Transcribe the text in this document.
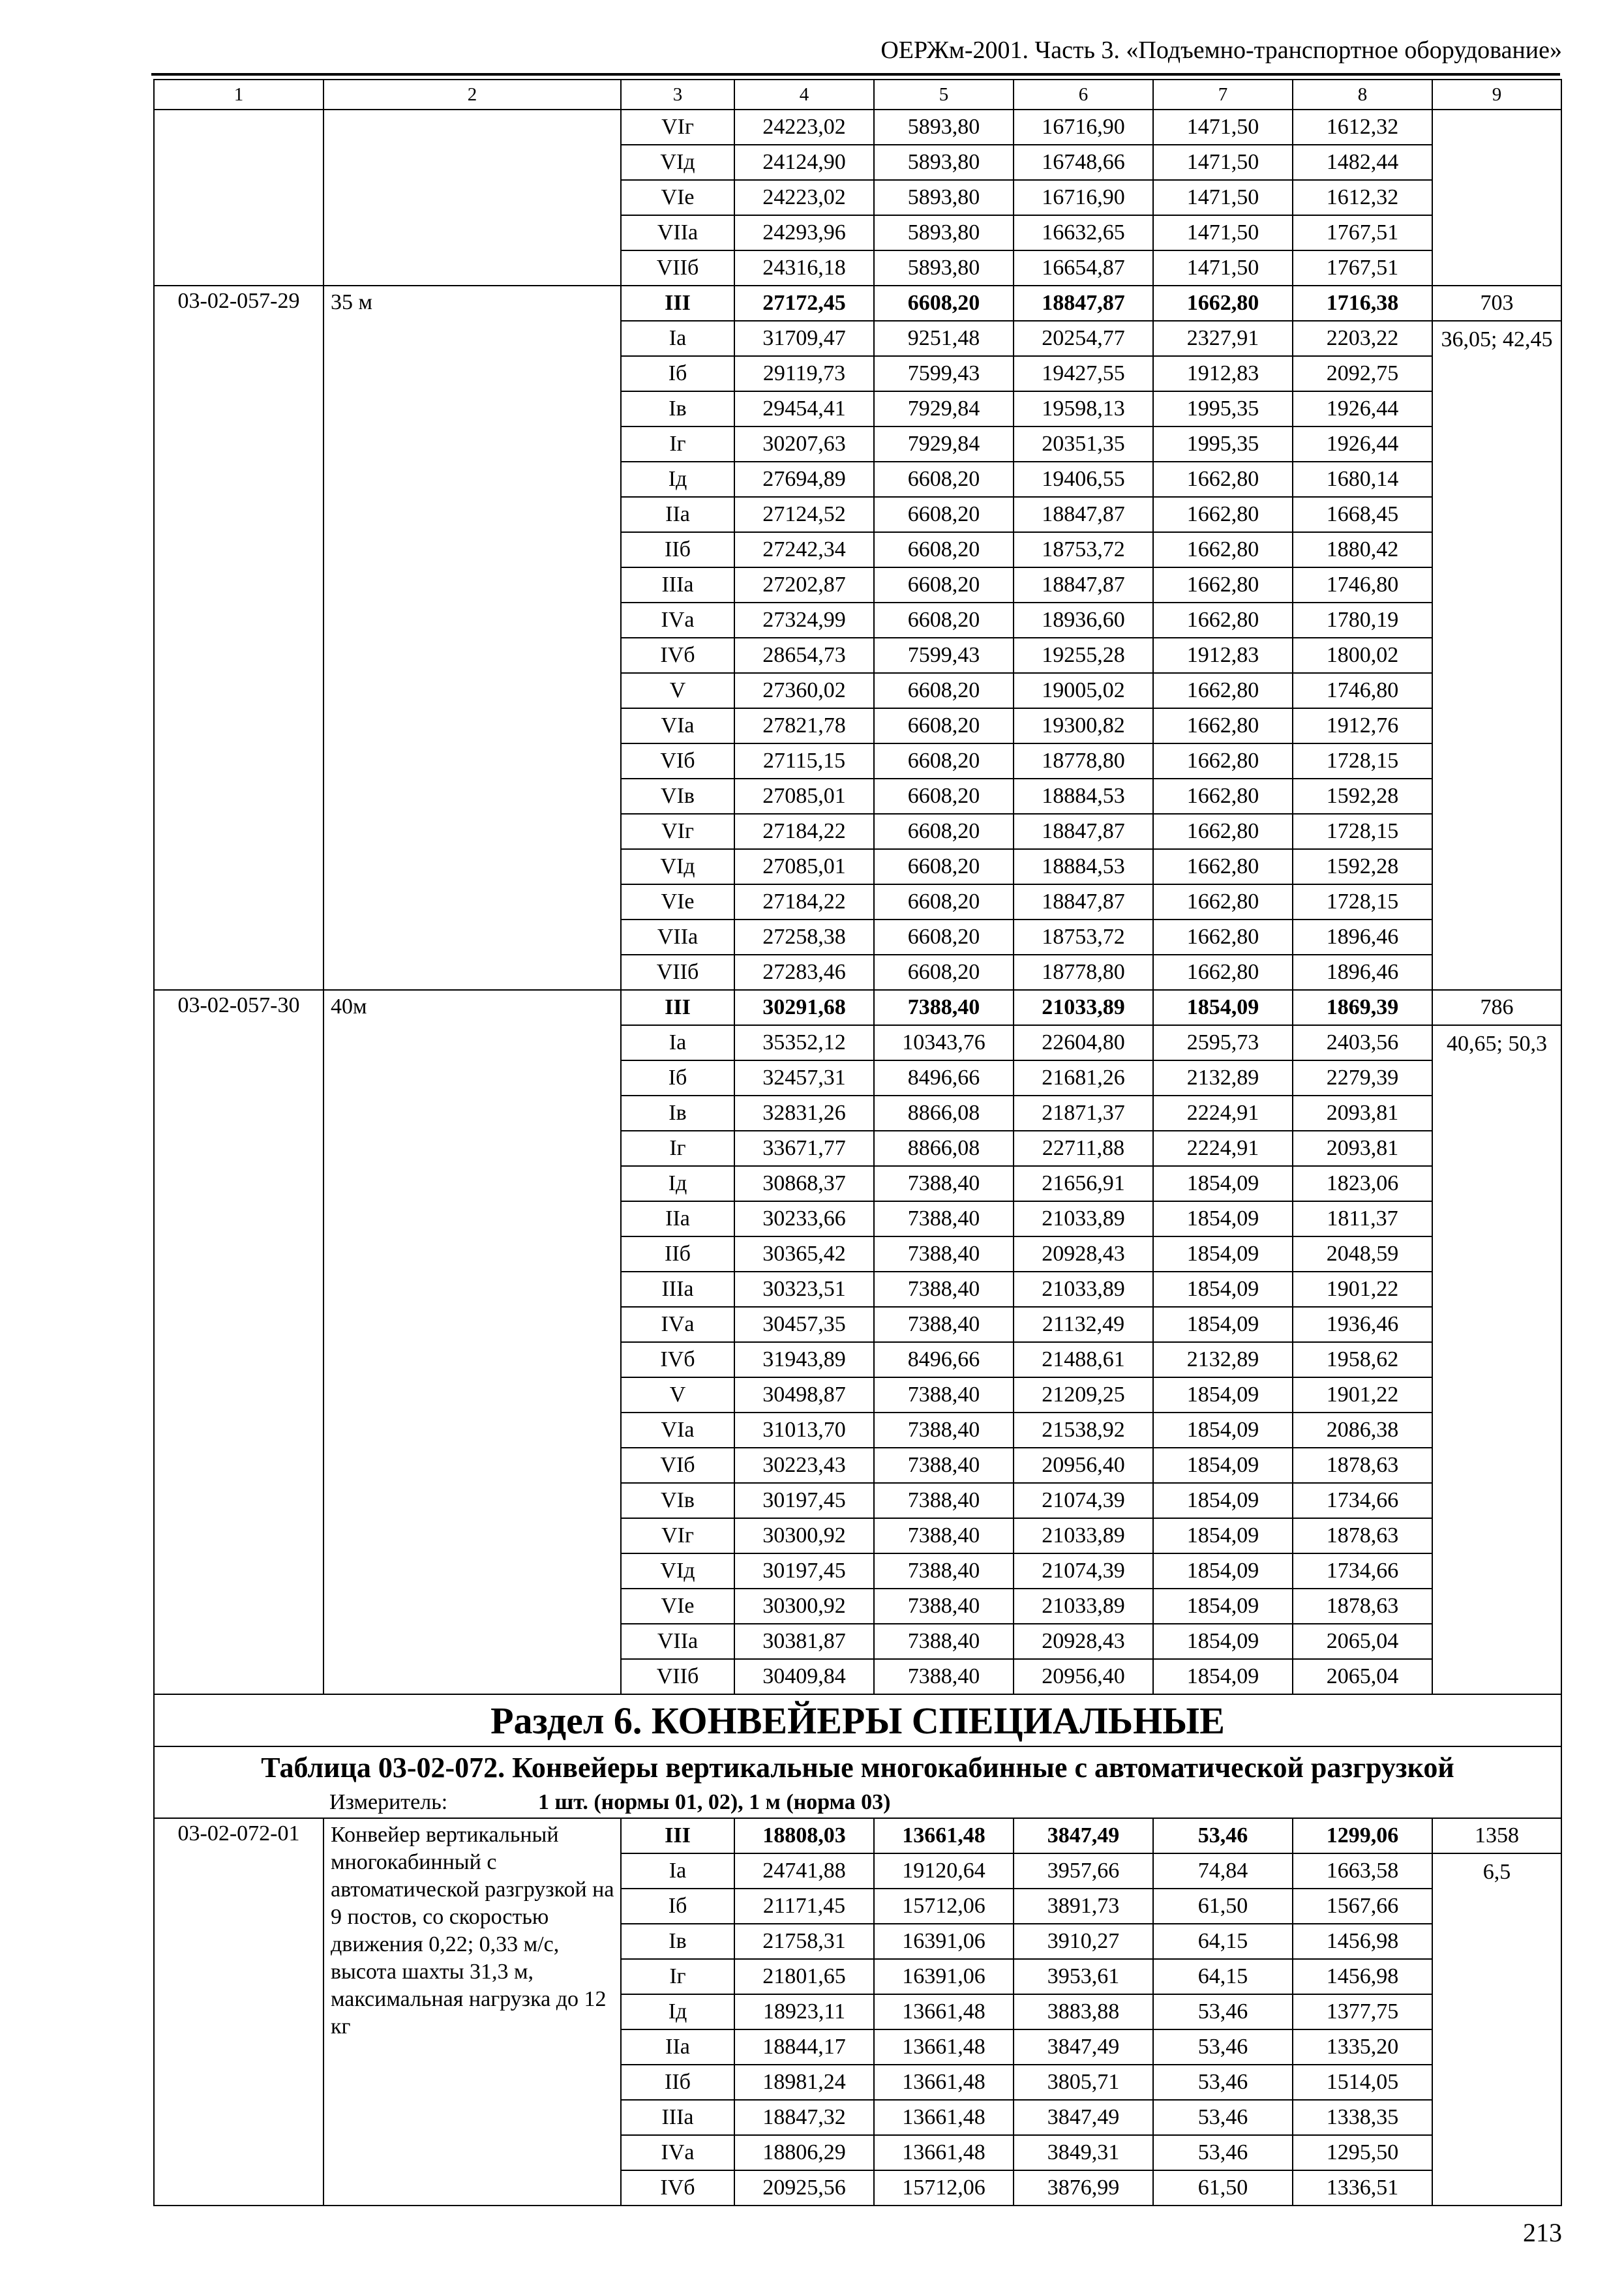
ОЕРЖм-2001. Часть 3. «Подъемно-транспортное оборудование»
1	2	3	4	5	6	7	8	9
		VIг	24223,02	5893,80	16716,90	1471,50	1612,32	
		VIд	24124,90	5893,80	16748,66	1471,50	1482,44	
		VIе	24223,02	5893,80	16716,90	1471,50	1612,32	
		VIIа	24293,96	5893,80	16632,65	1471,50	1767,51	
		VIIб	24316,18	5893,80	16654,87	1471,50	1767,51	
03-02-057-29	35 м	III	27172,45	6608,20	18847,87	1662,80	1716,38	703
		Iа	31709,47	9251,48	20254,77	2327,91	2203,22	36,05; 42,45
		Iб	29119,73	7599,43	19427,55	1912,83	2092,75	
		Iв	29454,41	7929,84	19598,13	1995,35	1926,44	
		Iг	30207,63	7929,84	20351,35	1995,35	1926,44	
		Iд	27694,89	6608,20	19406,55	1662,80	1680,14	
		IIа	27124,52	6608,20	18847,87	1662,80	1668,45	
		IIб	27242,34	6608,20	18753,72	1662,80	1880,42	
		IIIа	27202,87	6608,20	18847,87	1662,80	1746,80	
		IVа	27324,99	6608,20	18936,60	1662,80	1780,19	
		IVб	28654,73	7599,43	19255,28	1912,83	1800,02	
		V	27360,02	6608,20	19005,02	1662,80	1746,80	
		VIа	27821,78	6608,20	19300,82	1662,80	1912,76	
		VIб	27115,15	6608,20	18778,80	1662,80	1728,15	
		VIв	27085,01	6608,20	18884,53	1662,80	1592,28	
		VIг	27184,22	6608,20	18847,87	1662,80	1728,15	
		VIд	27085,01	6608,20	18884,53	1662,80	1592,28	
		VIе	27184,22	6608,20	18847,87	1662,80	1728,15	
		VIIа	27258,38	6608,20	18753,72	1662,80	1896,46	
		VIIб	27283,46	6608,20	18778,80	1662,80	1896,46	
03-02-057-30	40м	III	30291,68	7388,40	21033,89	1854,09	1869,39	786
		Iа	35352,12	10343,76	22604,80	2595,73	2403,56	40,65; 50,3
		Iб	32457,31	8496,66	21681,26	2132,89	2279,39	
		Iв	32831,26	8866,08	21871,37	2224,91	2093,81	
		Iг	33671,77	8866,08	22711,88	2224,91	2093,81	
		Iд	30868,37	7388,40	21656,91	1854,09	1823,06	
		IIа	30233,66	7388,40	21033,89	1854,09	1811,37	
		IIб	30365,42	7388,40	20928,43	1854,09	2048,59	
		IIIа	30323,51	7388,40	21033,89	1854,09	1901,22	
		IVа	30457,35	7388,40	21132,49	1854,09	1936,46	
		IVб	31943,89	8496,66	21488,61	2132,89	1958,62	
		V	30498,87	7388,40	21209,25	1854,09	1901,22	
		VIа	31013,70	7388,40	21538,92	1854,09	2086,38	
		VIб	30223,43	7388,40	20956,40	1854,09	1878,63	
		VIв	30197,45	7388,40	21074,39	1854,09	1734,66	
		VIг	30300,92	7388,40	21033,89	1854,09	1878,63	
		VIд	30197,45	7388,40	21074,39	1854,09	1734,66	
		VIе	30300,92	7388,40	21033,89	1854,09	1878,63	
		VIIа	30381,87	7388,40	20928,43	1854,09	2065,04	
		VIIб	30409,84	7388,40	20956,40	1854,09	2065,04	
Раздел 6. КОНВЕЙЕРЫ СПЕЦИАЛЬНЫЕ								
Таблица 03-02-072. Конвейеры вертикальные многокабинные с автоматической разгрузкой								
Измеритель: 1 шт. (нормы 01, 02), 1 м (норма 03)								
03-02-072-01	Конвейер вертикальный многокабинный с автоматической разгрузкой на 9 постов, со скоростью движения 0,22; 0,33 м/с, высота шахты 31,3 м, максимальная нагрузка до 12 кг	III	18808,03	13661,48	3847,49	53,46	1299,06	1358
		Iа	24741,88	19120,64	3957,66	74,84	1663,58	6,5
		Iб	21171,45	15712,06	3891,73	61,50	1567,66	
		Iв	21758,31	16391,06	3910,27	64,15	1456,98	
		Iг	21801,65	16391,06	3953,61	64,15	1456,98	
		Iд	18923,11	13661,48	3883,88	53,46	1377,75	
		IIа	18844,17	13661,48	3847,49	53,46	1335,20	
		IIб	18981,24	13661,48	3805,71	53,46	1514,05	
		IIIа	18847,32	13661,48	3847,49	53,46	1338,35	
		IVа	18806,29	13661,48	3849,31	53,46	1295,50	
		IVб	20925,56	15712,06	3876,99	61,50	1336,51	
213
